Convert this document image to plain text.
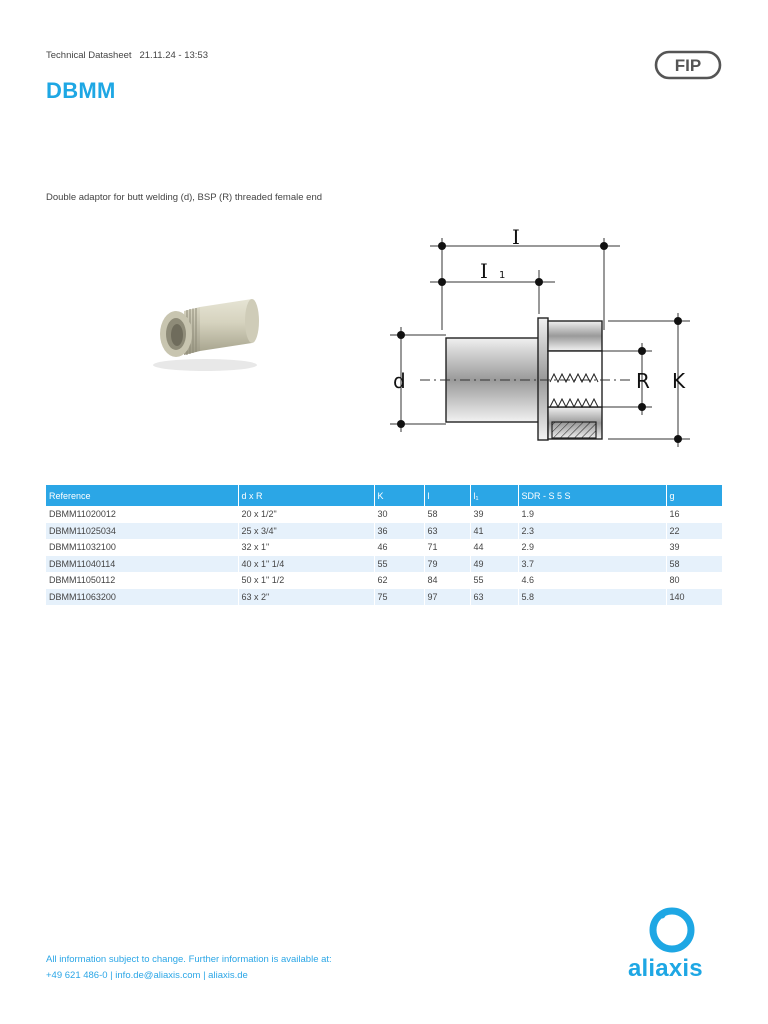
Technical Datasheet 21.11.24 - 13:53
FIP
DBMM
Double adaptor for butt welding (d), BSP (R) threaded female end
I
I 1
d	R K
Reference	d x R	K	l	l₁	SDR - S 5 S	g
DBMM11020012	20 x 1/2"	30	58	39	1.9	16
DBMM11025034	25 x 3/4"	36	63	41	2.3	22
DBMM11032100	32 x 1"	46	71	44	2.9	39
DBMM11040114	40 x 1" 1/4	55	79	49	3.7	58
DBMM11050112	50 x 1" 1/2	62	84	55	4.6	80
DBMM11063200	63 x 2"	75	97	63	5.8	140
All information subject to change. Further information is available at:
+49 621 486-0 | info.de@aliaxis.com | aliaxis.de	aliaxis
